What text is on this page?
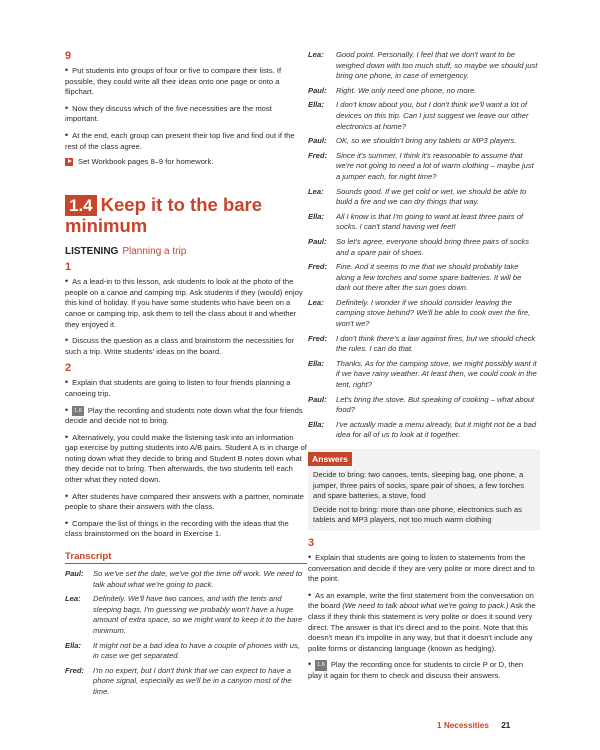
9

• Put students into groups of four or five to compare their lists. If possible, they could write all their ideas onto one page or onto a flipchart.

• Now they discuss which of the five necessities are the most important.

• At the end, each group can present their top five and find out if the rest of the class agree.

Set Workbook pages 8–9 for homework.
1.4 Keep it to the bare minimum
LISTENING Planning a trip
1

• As a lead-in to this lesson, ask students to look at the photo of the people on a canoe and camping trip. Ask students if they (would) enjoy this kind of holiday. If you have some students who have been on a canoe or camping trip, ask them to tell the class about it and whether they enjoyed it.

• Discuss the question as a class and brainstorm the necessities for such a trip. Write students' ideas on the board.

2

• Explain that students are going to listen to four friends planning a canoeing trip.

• 1.6 Play the recording and students note down what the four friends decide and decide not to bring.

• Alternatively, you could make the listening task into an information gap exercise by putting students into A/B pairs. Student A is in charge of noting down what they decide to bring and Student B notes down what they decide not to bring. Then afterwards, the two students tell each other what they noted down.

• After students have compared their answers with a partner, nominate people to share their answers with the class.

• Compare the list of things in the recording with the ideas that the class brainstormed on the board in Exercise 1.

Transcript
Paul:	So we've set the date, we've got the time off work. We need to talk about what we're going to pack.
Lea:	Definitely. We'll have two canoes, and with the tents and sleeping bags, I'm guessing we probably won't have a huge amount of extra space, so we might want to keep it to the bare minimum.
Ella:	It might not be a bad idea to have a couple of phones with us, in case we get separated.
Fred:	I'm no expert, but I don't think that we can expect to have a phone signal, especially as we'll be in a canyon most of the time.
Lea:	Good point. Personally, I feel that we don't want to be weighed down with too much stuff, so maybe we should just bring one phone, in case of emergency.
Paul:	Right. We only need one phone, no more.
Ella:	I don't know about you, but I don't think we'll want a lot of devices on this trip. Can I just suggest we leave our other electronics at home?
Paul:	OK, so we shouldn't bring any tablets or MP3 players.
Fred:	Since it's summer, I think it's reasonable to assume that we're not going to need a lot of warm clothing – maybe just a jumper each, for night time?
Lea:	Sounds good. If we get cold or wet, we should be able to build a fire and we can dry things that way.
Ella:	All I know is that I'm going to want at least three pairs of socks. I can't stand having wet feet!
Paul:	So let's agree, everyone should bring three pairs of socks and a spare pair of shoes.
Fred:	Fine. And it seems to me that we should probably take along a few torches and some spare batteries. It will be dark out there after the sun goes down.
Lea:	Definitely. I wonder if we should consider leaving the camping stove behind? We'll be able to cook over the fire, won't we?
Fred:	I don't think there's a law against fires, but we should check the rules. I can do that.
Ella:	Thanks. As for the camping stove, we might possibly want it if we have rainy weather. At least then, we could cook in the tent, right?
Paul:	Let's bring the stove. But speaking of cooking – what about food?
Ella:	I've actually made a menu already, but it might not be a bad idea for all of us to look at it together.
Answers
Decide to bring: two canoes, tents, sleeping bag, one phone, a jumper, three pairs of socks, spare pair of shoes, a few torches and spare batteries, a stove, food
Decide not to bring: more than one phone, electronics such as tablets and MP3 players, not too much warm clothing
3

• Explain that students are going to listen to statements from the conversation and decide if they are very polite or more direct and to the point.

• As an example, write the first statement from the conversation on the board (We need to talk about what we're going to pack.) Ask the class if they think this statement is very polite or does it sound very direct. The answer is that it's direct and to the point. Note that this doesn't mean it's impolite in any way, but that it doesn't include any polite forms or distancing language (known as hedging).

• 1.6 Play the recording once for students to circle P or D, then play it again for them to check and discuss their answers.

1 Necessities 21
